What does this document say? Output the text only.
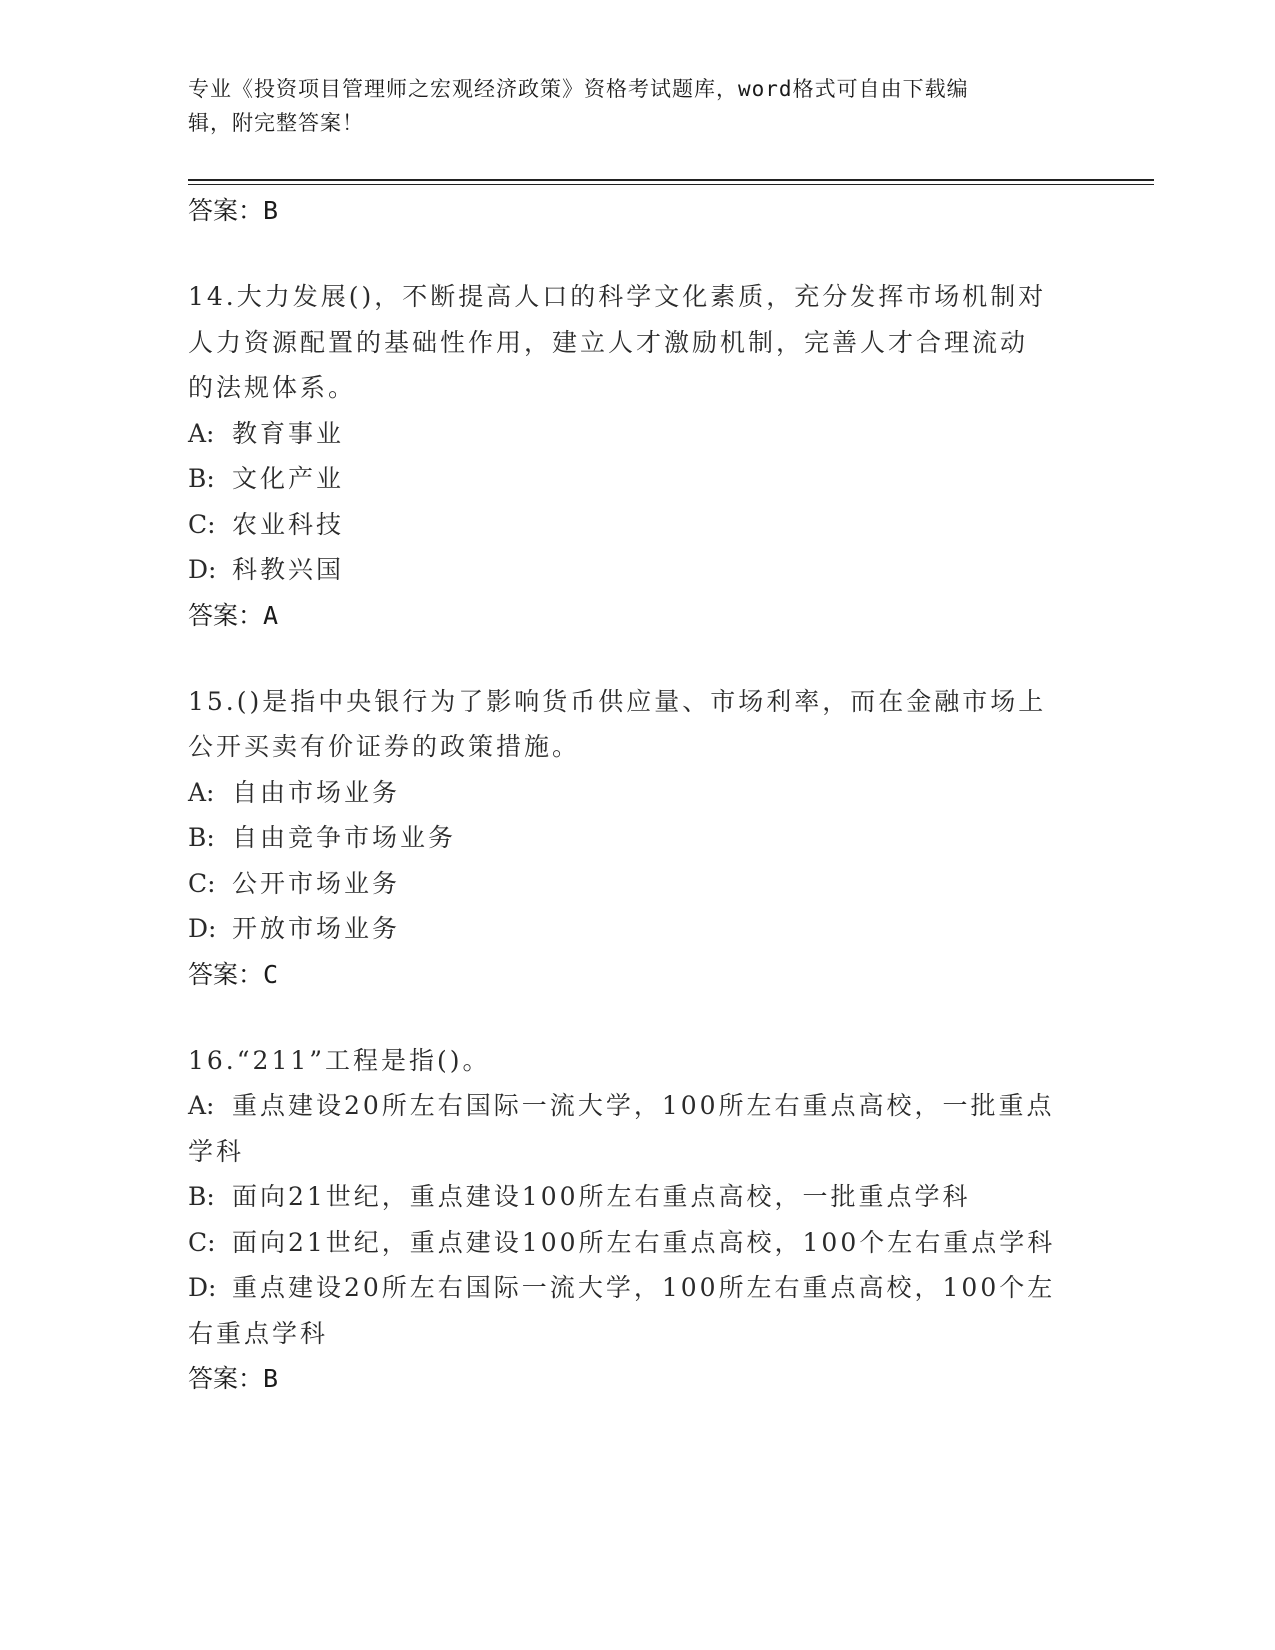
专业《投资项目管理师之宏观经济政策》资格考试题库，word格式可自由下载编
辑，附完整答案！
答案：B
14.大力发展()，不断提高人口的科学文化素质，充分发挥市场机制对
人力资源配置的基础性作用，建立人才激励机制，完善人才合理流动
的法规体系。
A: 教育事业
B: 文化产业
C: 农业科技
D: 科教兴国
答案：A
15.()是指中央银行为了影响货币供应量、市场利率，而在金融市场上
公开买卖有价证券的政策措施。
A: 自由市场业务
B: 自由竞争市场业务
C: 公开市场业务
D: 开放市场业务
答案：C
16.“211”工程是指()。
A: 重点建设20所左右国际一流大学，100所左右重点高校，一批重点
学科
B: 面向21世纪，重点建设100所左右重点高校，一批重点学科
C: 面向21世纪，重点建设100所左右重点高校，100个左右重点学科
D: 重点建设20所左右国际一流大学，100所左右重点高校，100个左
右重点学科
答案：B
